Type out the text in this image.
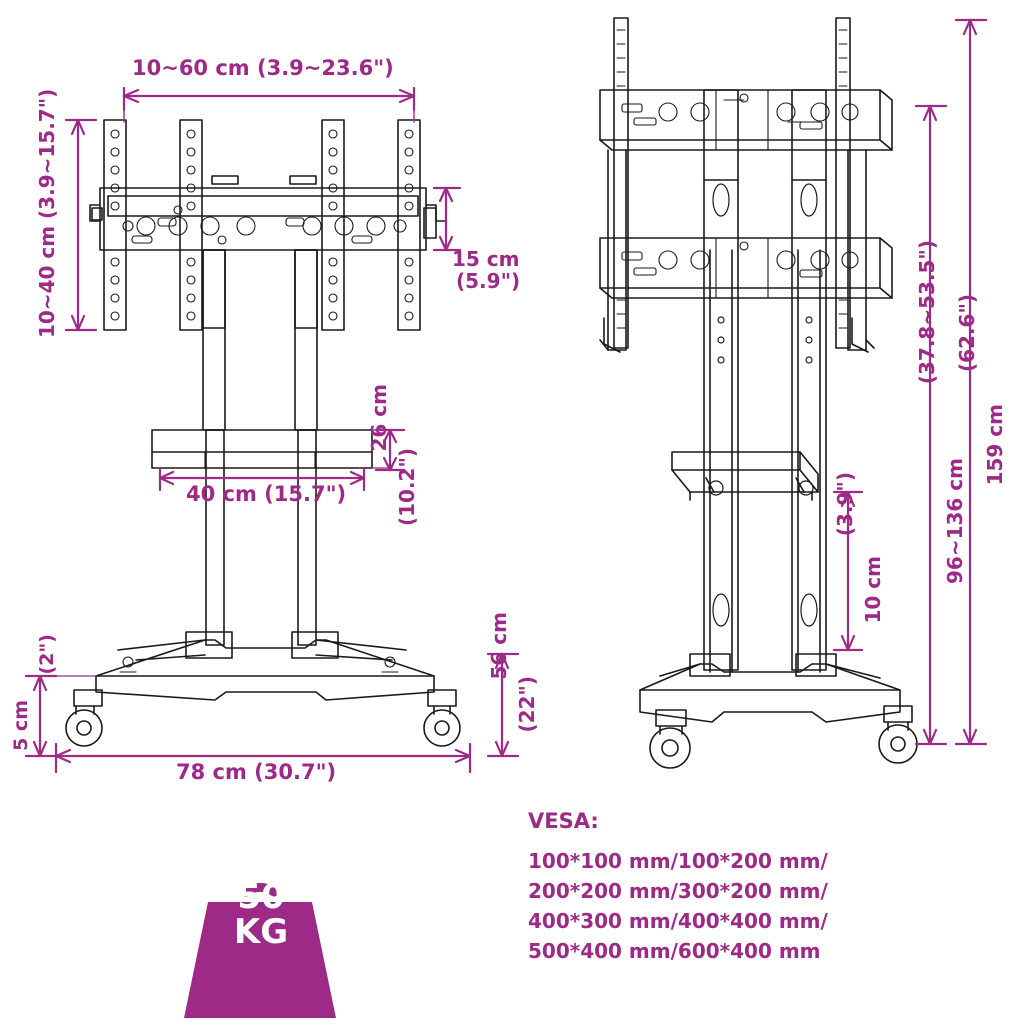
10~60 cm (3.9~23.6")
10~40 cm (3.9~15.7")	15 cm
(5.9")
26 cm
(10.2")
40 cm (15.7")
5 cm
(2")
78 cm (30.7")
56 cm
(22")
96~136 cm
(37.8~53.5")
159 cm
(62.6")
10 cm
(3.9")
50
KG
VESA:
100*100 mm/100*200 mm/
200*200 mm/300*200 mm/
400*300 mm/400*400 mm/
500*400 mm/600*400 mm
